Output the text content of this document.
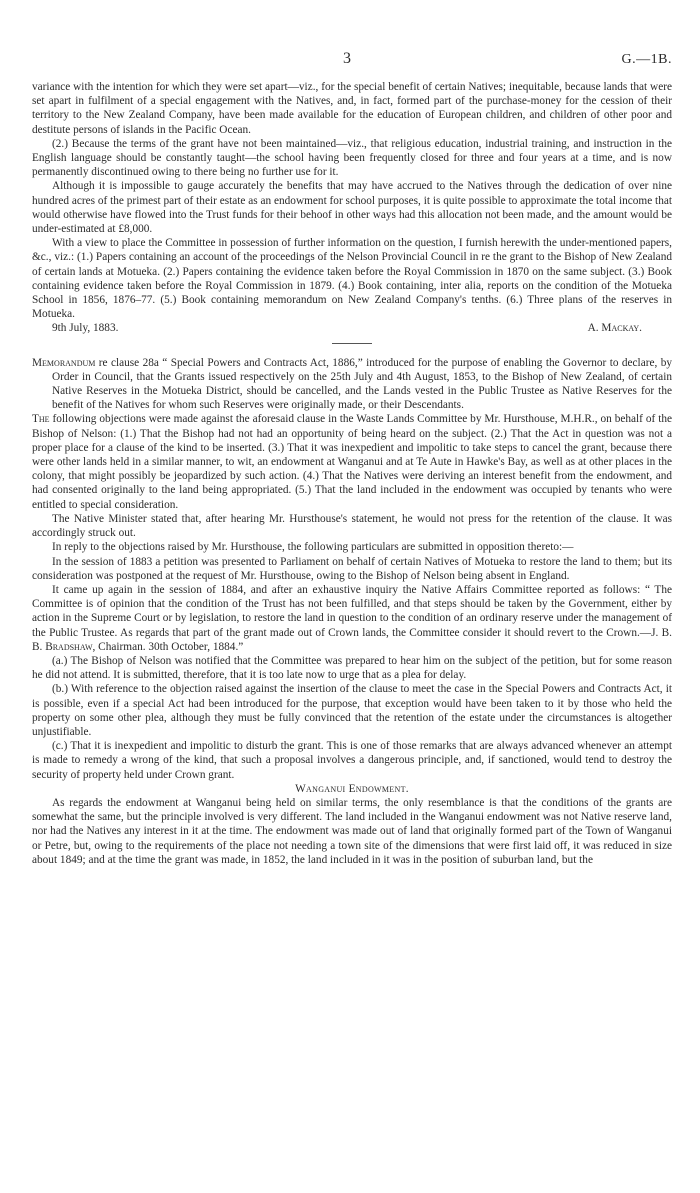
3	G.—1B.

variance with the intention for which they were set apart—viz., for the special benefit of certain Natives; inequitable, because lands that were set apart in fulfilment of a special engagement with the Natives, and, in fact, formed part of the purchase-money for the cession of their territory to the New Zealand Company, have been made available for the education of European children, and children of other poor and destitute persons of islands in the Pacific Ocean.

(2.) Because the terms of the grant have not been maintained—viz., that religious education, industrial training, and instruction in the English language should be constantly taught—the school having been frequently closed for three and four years at a time, and is now permanently discontinued owing to there being no further use for it.

Although it is impossible to gauge accurately the benefits that may have accrued to the Natives through the dedication of over nine hundred acres of the primest part of their estate as an endowment for school purposes, it is quite possible to approximate the total income that would otherwise have flowed into the Trust funds for their behoof in other ways had this allocation not been made, and the amount would be under-estimated at £8,000.

With a view to place the Committee in possession of further information on the question, I furnish herewith the under-mentioned papers, &c., viz.: (1.) Papers containing an account of the proceedings of the Nelson Provincial Council in re the grant to the Bishop of New Zealand of certain lands at Motueka. (2.) Papers containing the evidence taken before the Royal Commission in 1870 on the same subject. (3.) Book containing evidence taken before the Royal Commission in 1879. (4.) Book containing, inter alia, reports on the condition of the Motueka School in 1856, 1876–77. (5.) Book containing memorandum on New Zealand Company's tenths. (6.) Three plans of the reserves in Motueka.

9th July, 1883.	A. Mackay.

Memorandum re clause 28a “ Special Powers and Contracts Act, 1886,” introduced for the purpose of enabling the Governor to declare, by Order in Council, that the Grants issued respectively on the 25th July and 4th August, 1853, to the Bishop of New Zealand, of certain Native Reserves in the Motueka District, should be cancelled, and the Lands vested in the Public Trustee as Native Reserves for the benefit of the Natives for whom such Reserves were originally made, or their Descendants.

The following objections were made against the aforesaid clause in the Waste Lands Committee by Mr. Hursthouse, M.H.R., on behalf of the Bishop of Nelson: (1.) That the Bishop had not had an opportunity of being heard on the subject. (2.) That the Act in question was not a proper place for a clause of the kind to be inserted. (3.) That it was inexpedient and impolitic to take steps to cancel the grant, because there were other lands held in a similar manner, to wit, an endowment at Wanganui and at Te Aute in Hawke's Bay, as well as at other places in the colony, that might possibly be jeopardized by such action. (4.) That the Natives were deriving an interest benefit from the endowment, and had consented originally to the land being appropriated. (5.) That the land included in the endowment was occupied by tenants who were entitled to special consideration.

The Native Minister stated that, after hearing Mr. Hursthouse's statement, he would not press for the retention of the clause. It was accordingly struck out.

In reply to the objections raised by Mr. Hursthouse, the following particulars are submitted in opposition thereto:—

In the session of 1883 a petition was presented to Parliament on behalf of certain Natives of Motueka to restore the land to them; but its consideration was postponed at the request of Mr. Hursthouse, owing to the Bishop of Nelson being absent in England.

It came up again in the session of 1884, and after an exhaustive inquiry the Native Affairs Committee reported as follows: “ The Committee is of opinion that the condition of the Trust has not been fulfilled, and that steps should be taken by the Government, either by action in the Supreme Court or by legislation, to restore the land in question to the condition of an ordinary reserve under the management of the Public Trustee. As regards that part of the grant made out of Crown lands, the Committee consider it should revert to the Crown.—J. B. B. Bradshaw, Chairman. 30th October, 1884.”

(a.) The Bishop of Nelson was notified that the Committee was prepared to hear him on the subject of the petition, but for some reason he did not attend. It is submitted, therefore, that it is too late now to urge that as a plea for delay.

(b.) With reference to the objection raised against the insertion of the clause to meet the case in the Special Powers and Contracts Act, it is possible, even if a special Act had been introduced for the purpose, that exception would have been taken to it by those who held the property on some other plea, although they must be fully convinced that the retention of the estate under the circumstances is altogether unjustifiable.

(c.) That it is inexpedient and impolitic to disturb the grant. This is one of those remarks that are always advanced whenever an attempt is made to remedy a wrong of the kind, that such a proposal involves a dangerous principle, and, if sanctioned, would tend to destroy the security of property held under Crown grant.

Wanganui Endowment.

As regards the endowment at Wanganui being held on similar terms, the only resemblance is that the conditions of the grants are somewhat the same, but the principle involved is very different. The land included in the Wanganui endowment was not Native reserve land, nor had the Natives any interest in it at the time. The endowment was made out of land that originally formed part of the Town of Wanganui or Petre, but, owing to the requirements of the place not needing a town site of the dimensions that were first laid off, it was reduced in size about 1849; and at the time the grant was made, in 1852, the land included in it was in the position of suburban land, but the
